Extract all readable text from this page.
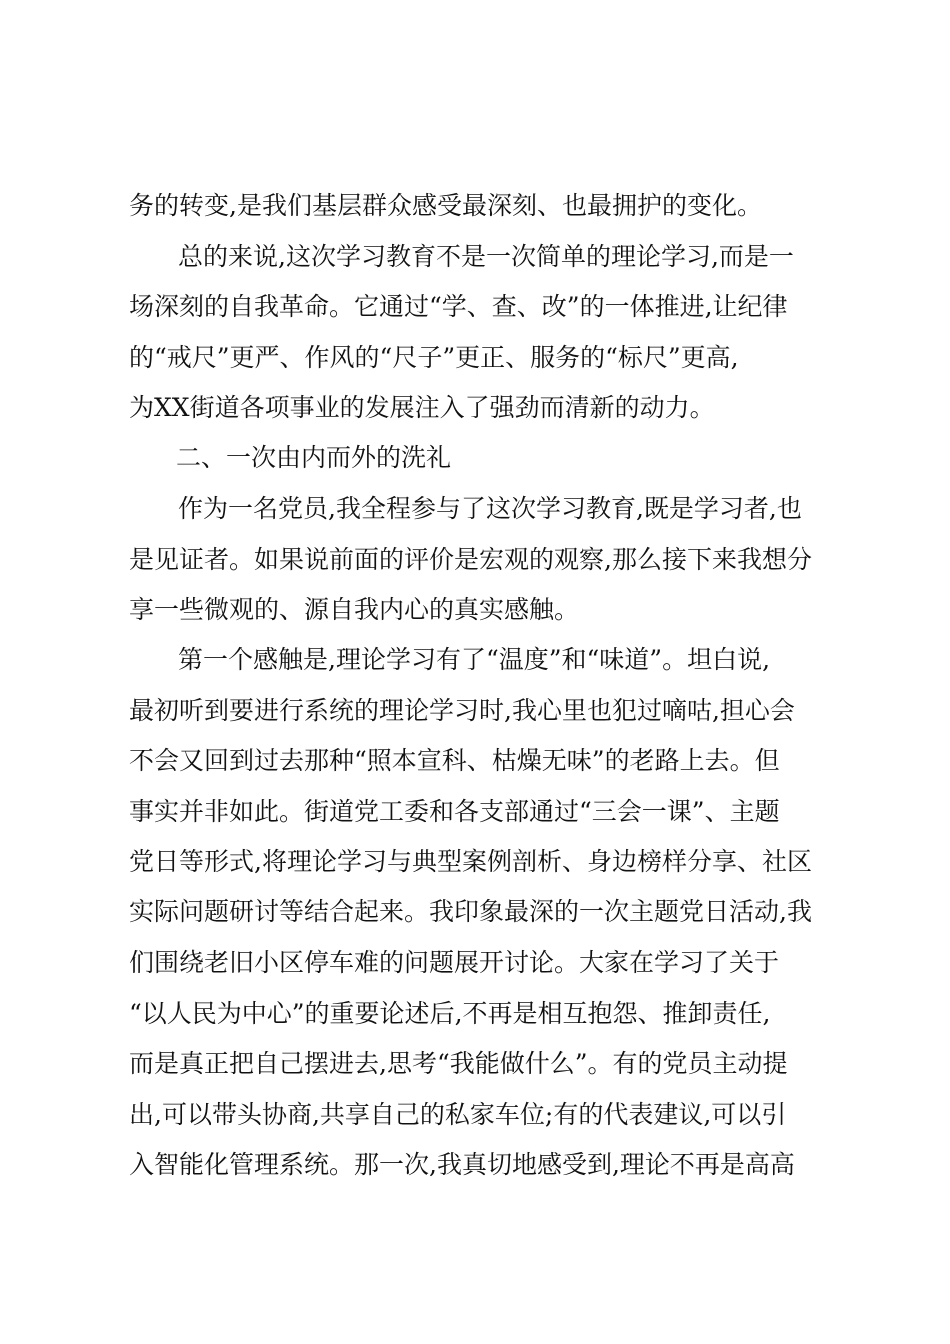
务的转变,是我们基层群众感受最深刻、也最拥护的变化。
总的来说,这次学习教育不是一次简单的理论学习,而是一
场深刻的自我革命。它通过“学、查、改”的一体推进,让纪律
的“戒尺”更严、作风的“尺子”更正、服务的“标尺”更高,
为XX街道各项事业的发展注入了强劲而清新的动力。
二、一次由内而外的洗礼
作为一名党员,我全程参与了这次学习教育,既是学习者,也
是见证者。如果说前面的评价是宏观的观察,那么接下来我想分
享一些微观的、源自我内心的真实感触。
第一个感触是,理论学习有了“温度”和“味道”。坦白说,
最初听到要进行系统的理论学习时,我心里也犯过嘀咕,担心会
不会又回到过去那种“照本宣科、枯燥无味”的老路上去。但
事实并非如此。街道党工委和各支部通过“三会一课”、主题
党日等形式,将理论学习与典型案例剖析、身边榜样分享、社区
实际问题研讨等结合起来。我印象最深的一次主题党日活动,我
们围绕老旧小区停车难的问题展开讨论。大家在学习了关于
“以人民为中心”的重要论述后,不再是相互抱怨、推卸责任,
而是真正把自己摆进去,思考“我能做什么”。有的党员主动提
出,可以带头协商,共享自己的私家车位;有的代表建议,可以引
入智能化管理系统。那一次,我真切地感受到,理论不再是高高
